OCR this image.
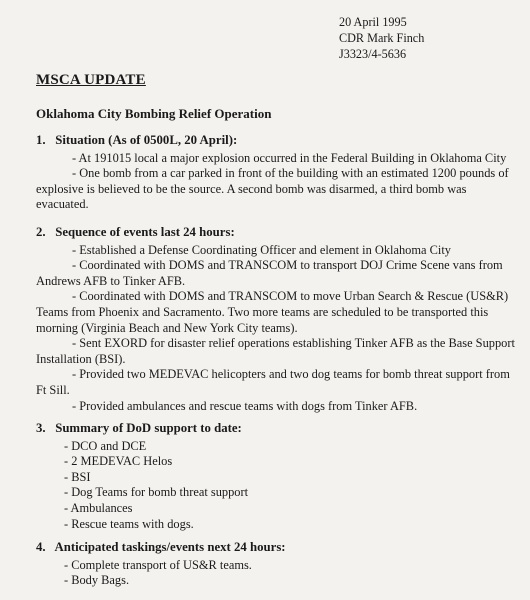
20 April 1995
CDR Mark Finch
J3323/4-5636
MSCA UPDATE
Oklahoma City Bombing Relief Operation
1. Situation (As of 0500L, 20 April):

- At 191015 local a major explosion occurred in the Federal Building in Oklahoma City

- One bomb from a car parked in front of the building with an estimated 1200 pounds of explosive is believed to be the source. A second bomb was disarmed, a third bomb was evacuated.

2. Sequence of events last 24 hours:

- Established a Defense Coordinating Officer and element in Oklahoma City

- Coordinated with DOMS and TRANSCOM to transport DOJ Crime Scene vans from Andrews AFB to Tinker AFB.

- Coordinated with DOMS and TRANSCOM to move Urban Search & Rescue (US&R) Teams from Phoenix and Sacramento. Two more teams are scheduled to be transported this morning (Virginia Beach and New York City teams).

- Sent EXORD for disaster relief operations establishing Tinker AFB as the Base Support Installation (BSI).

- Provided two MEDEVAC helicopters and two dog teams for bomb threat support from Ft Sill.

- Provided ambulances and rescue teams with dogs from Tinker AFB.

3. Summary of DoD support to date:
- DCO and DCE
- 2 MEDEVAC Helos
- BSI
- Dog Teams for bomb threat support
- Ambulances
- Rescue teams with dogs.
4. Anticipated taskings/events next 24 hours:
- Complete transport of US&R teams.
- Body Bags.
